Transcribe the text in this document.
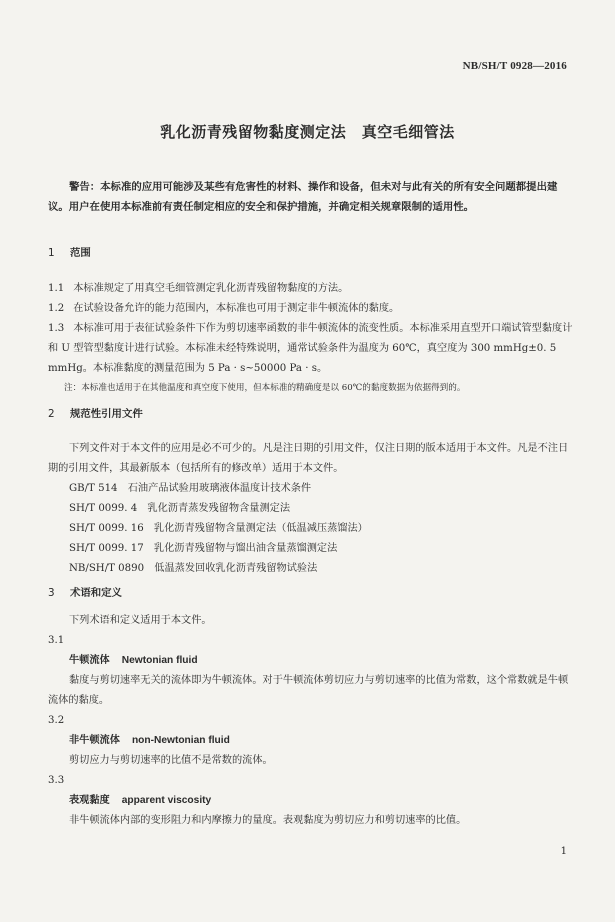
NB/SH/T 0928—2016
乳化沥青残留物黏度测定法　真空毛细管法
警告：本标准的应用可能涉及某些有危害性的材料、操作和设备，但未对与此有关的所有安全问题都提出建议。用户在使用本标准前有责任制定相应的安全和保护措施，并确定相关规章限制的适用性。
1 范围
1.1 本标准规定了用真空毛细管测定乳化沥青残留物黏度的方法。
1.2 在试验设备允许的能力范围内，本标准也可用于测定非牛顿流体的黏度。
1.3 本标准可用于表征试验条件下作为剪切速率函数的非牛顿流体的流变性质。本标准采用直型开口端试管型黏度计和 U 型管型黏度计进行试验。本标准未经特殊说明，通常试验条件为温度为 60℃，真空度为 300 mmHg±0. 5 mmHg。本标准黏度的测量范围为 5 Pa · s~50000 Pa · s。
注：本标准也适用于在其他温度和真空度下使用，但本标准的精确度是以 60℃的黏度数据为依据得到的。
2 规范性引用文件
下列文件对于本文件的应用是必不可少的。凡是注日期的引用文件，仅注日期的版本适用于本文件。凡是不注日期的引用文件，其最新版本（包括所有的修改单）适用于本文件。
GB/T 514　石油产品试验用玻璃液体温度计技术条件
SH/T 0099. 4　乳化沥青蒸发残留物含量测定法
SH/T 0099. 16　乳化沥青残留物含量测定法（低温减压蒸馏法）
SH/T 0099. 17　乳化沥青残留物与馏出油含量蒸馏测定法
NB/SH/T 0890　低温蒸发回收乳化沥青残留物试验法
3 术语和定义
下列术语和定义适用于本文件。
3.1
牛顿流体 Newtonian fluid
黏度与剪切速率无关的流体即为牛顿流体。对于牛顿流体剪切应力与剪切速率的比值为常数，这个常数就是牛顿流体的黏度。
3.2
非牛顿流体 non-Newtonian fluid
剪切应力与剪切速率的比值不是常数的流体。
3.3
表观黏度 apparent viscosity
非牛顿流体内部的变形阻力和内摩擦力的量度。表观黏度为剪切应力和剪切速率的比值。
1
